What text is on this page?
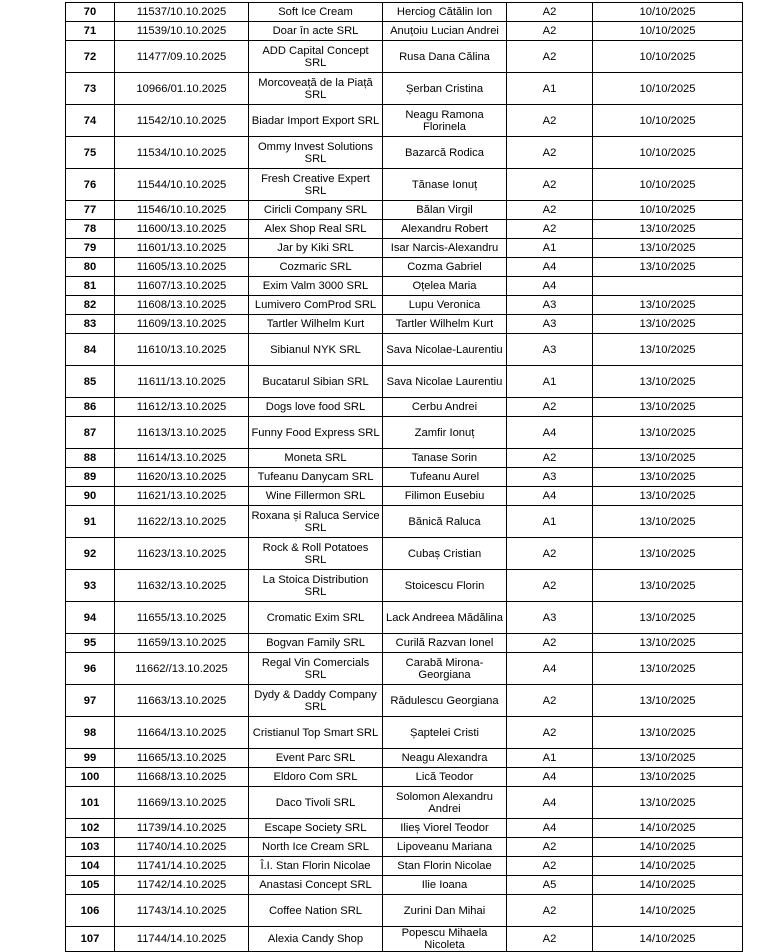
70	11537/10.10.2025	Soft Ice Cream	Herciog Cătălin Ion	A2	10/10/2025
71	11539/10.10.2025	Doar în acte SRL	Anuțoiu Lucian Andrei	A2	10/10/2025
72	11477/09.10.2025	ADD Capital Concept SRL	Rusa Dana Călina	A2	10/10/2025
73	10966/01.10.2025	Morcoveață de la Piață SRL	Șerban Cristina	A1	10/10/2025
74	11542/10.10.2025	Biadar Import Export SRL	Neagu Ramona Florinela	A2	10/10/2025
75	11534/10.10.2025	Ommy Invest Solutions SRL	Bazarcă Rodica	A2	10/10/2025
76	11544/10.10.2025	Fresh Creative Expert SRL	Tănase Ionuț	A2	10/10/2025
77	11546/10.10.2025	Ciricli Company SRL	Bălan Virgil	A2	10/10/2025
78	11600/13.10.2025	Alex Shop Real SRL	Alexandru Robert	A2	13/10/2025
79	11601/13.10.2025	Jar by Kiki SRL	Isar Narcis-Alexandru	A1	13/10/2025
80	11605/13.10.2025	Cozmaric SRL	Cozma Gabriel	A4	13/10/2025
81	11607/13.10.2025	Exim Valm 3000 SRL	Oțelea Maria	A4	
82	11608/13.10.2025	Lumivero ComProd SRL	Lupu Veronica	A3	13/10/2025
83	11609/13.10.2025	Tartler Wilhelm Kurt	Tartler Wilhelm Kurt	A3	13/10/2025
84	11610/13.10.2025	Sibianul NYK SRL	Sava Nicolae-Laurentiu	A3	13/10/2025
85	11611/13.10.2025	Bucatarul Sibian SRL	Sava Nicolae Laurentiu	A1	13/10/2025
86	11612/13.10.2025	Dogs love food SRL	Cerbu Andrei	A2	13/10/2025
87	11613/13.10.2025	Funny Food Express SRL	Zamfir Ionuț	A4	13/10/2025
88	11614/13.10.2025	Moneta SRL	Tanase Sorin	A2	13/10/2025
89	11620/13.10.2025	Tufeanu Danycam SRL	Tufeanu Aurel	A3	13/10/2025
90	11621/13.10.2025	Wine Fillermon SRL	Filimon Eusebiu	A4	13/10/2025
91	11622/13.10.2025	Roxana și Raluca Service SRL	Bănică Raluca	A1	13/10/2025
92	11623/13.10.2025	Rock & Roll Potatoes SRL	Cubaș Cristian	A2	13/10/2025
93	11632/13.10.2025	La Stoica Distribution SRL	Stoicescu Florin	A2	13/10/2025
94	11655/13.10.2025	Cromatic Exim SRL	Lack Andreea Mădălina	A3	13/10/2025
95	11659/13.10.2025	Bogvan Family SRL	Curilă Razvan Ionel	A2	13/10/2025
96	11662//13.10.2025	Regal Vin Comercials SRL	Carabă Mirona-Georgiana	A4	13/10/2025
97	11663/13.10.2025	Dydy & Daddy Company SRL	Rădulescu Georgiana	A2	13/10/2025
98	11664/13.10.2025	Cristianul Top Smart SRL	Șaptelei Cristi	A2	13/10/2025
99	11665/13.10.2025	Event Parc SRL	Neagu Alexandra	A1	13/10/2025
100	11668/13.10.2025	Eldoro Com SRL	Lică Teodor	A4	13/10/2025
101	11669/13.10.2025	Daco Tivoli SRL	Solomon Alexandru Andrei	A4	13/10/2025
102	11739/14.10.2025	Escape Society SRL	Ilieș Viorel Teodor	A4	14/10/2025
103	11740/14.10.2025	North Ice Cream SRL	Lipoveanu Mariana	A2	14/10/2025
104	11741/14.10.2025	Î.I. Stan Florin Nicolae	Stan Florin Nicolae	A2	14/10/2025
105	11742/14.10.2025	Anastasi Concept SRL	Ilie Ioana	A5	14/10/2025
106	11743/14.10.2025	Coffee Nation SRL	Zurini Dan Mihai	A2	14/10/2025
107	11744/14.10.2025	Alexia Candy Shop	Popescu Mihaela Nicoleta	A2	14/10/2025
